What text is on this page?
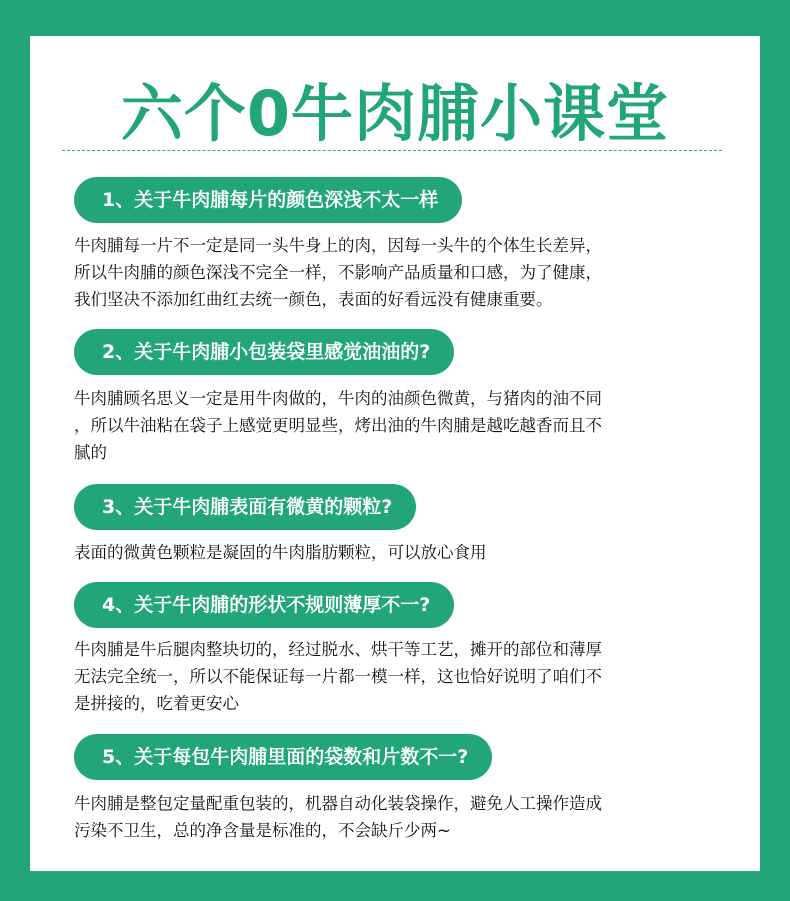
六个0牛肉脯小课堂
1、关于牛肉脯每片的颜色深浅不太一样
牛肉脯每一片不一定是同一头牛身上的肉，因每一头牛的个体生长差异，
所以牛肉脯的颜色深浅不完全一样，不影响产品质量和口感，为了健康，
我们坚决不添加红曲红去统一颜色，表面的好看远没有健康重要。
2、关于牛肉脯小包装袋里感觉油油的?
牛肉脯顾名思义一定是用牛肉做的，牛肉的油颜色微黄，与猪肉的油不同
，所以牛油粘在袋子上感觉更明显些，烤出油的牛肉脯是越吃越香而且不
腻的
3、关于牛肉脯表面有微黄的颗粒?
表面的微黄色颗粒是凝固的牛肉脂肪颗粒，可以放心食用
4、关于牛肉脯的形状不规则薄厚不一?
牛肉脯是牛后腿肉整块切的，经过脱水、烘干等工艺，摊开的部位和薄厚
无法完全统一，所以不能保证每一片都一模一样，这也恰好说明了咱们不
是拼接的，吃着更安心
5、关于每包牛肉脯里面的袋数和片数不一?
牛肉脯是整包定量配重包装的，机器自动化装袋操作，避免人工操作造成
污染不卫生，总的净含量是标准的，不会缺斤少两~
